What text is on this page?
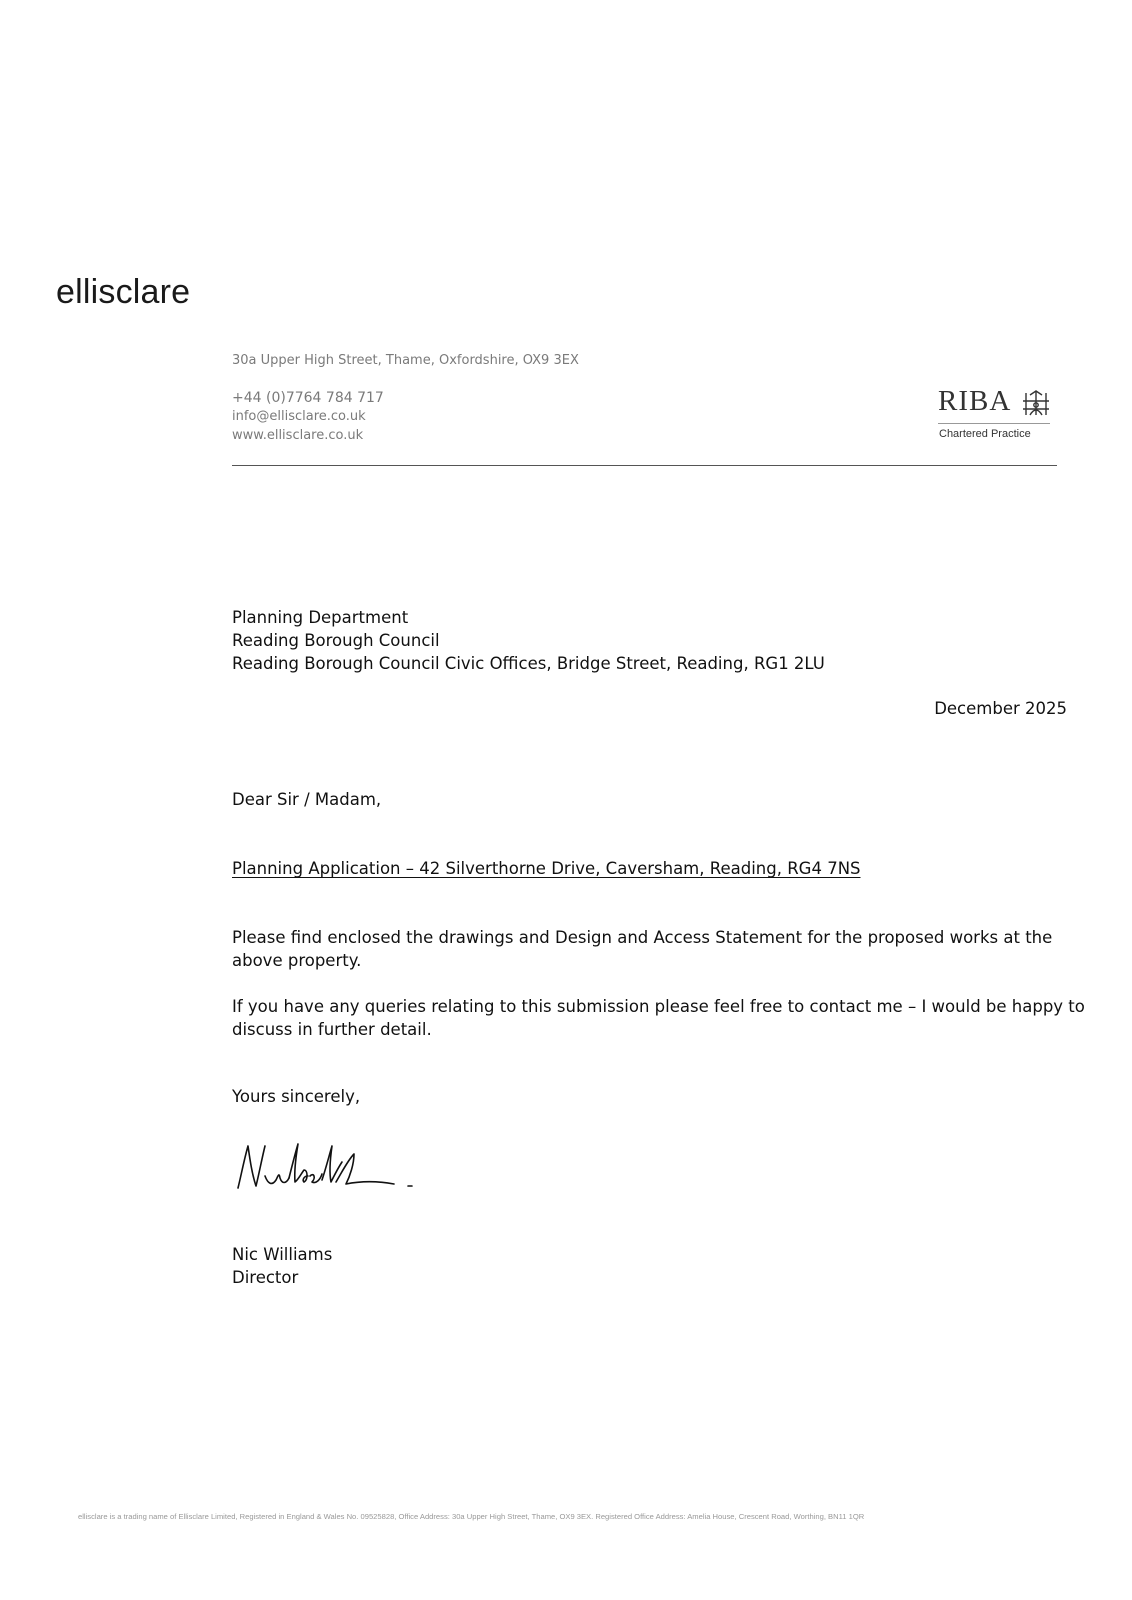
ellisclare
30a Upper High Street, Thame, Oxfordshire, OX9 3EX
+44 (0)7764 784 717
info@ellisclare.co.uk
www.ellisclare.co.uk
RIBA
Chartered Practice
Planning Department
Reading Borough Council
Reading Borough Council Civic Offices, Bridge Street, Reading, RG1 2LU
December 2025
Dear Sir / Madam,
Planning Application – 42 Silverthorne Drive, Caversham, Reading, RG4 7NS
Please find enclosed the drawings and Design and Access Statement for the proposed works at the
above property.
If you have any queries relating to this submission please feel free to contact me – I would be happy to
discuss in further detail.
Yours sincerely,
Nic Williams
Director
ellisclare is a trading name of Ellisclare Limited, Registered in England & Wales No. 09525828, Office Address: 30a Upper High Street, Thame, OX9 3EX. Registered Office Address: Amelia House, Crescent Road, Worthing, BN11 1QR
